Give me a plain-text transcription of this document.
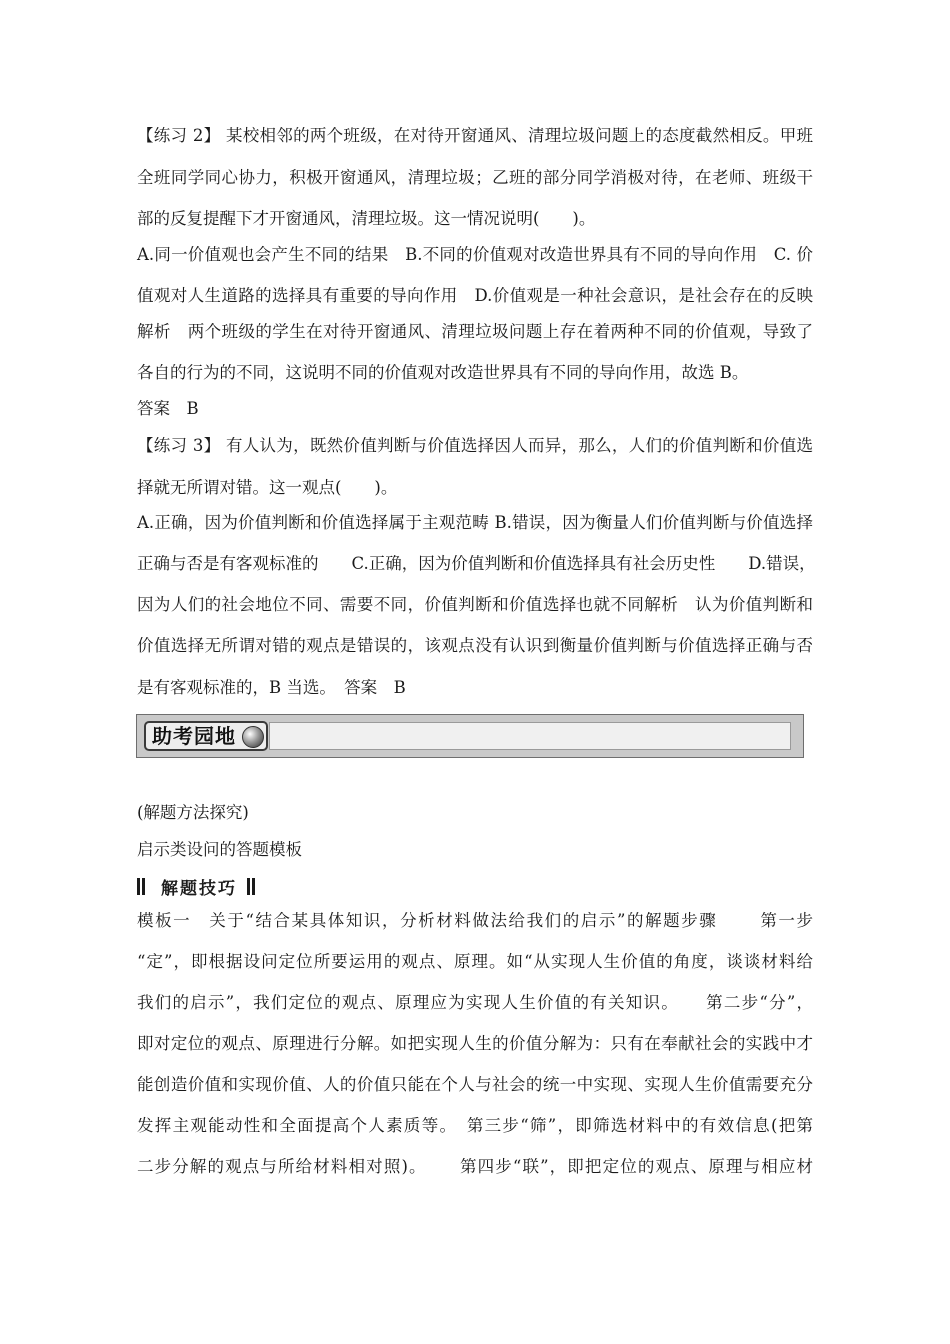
【练习 2】 某校相邻的两个班级，在对待开窗通风、清理垃圾问题上的态度截然相反。甲班
全班同学同心协力，积极开窗通风，清理垃圾；乙班的部分同学消极对待，在老师、班级干
部的反复提醒下才开窗通风，清理垃圾。这一情况说明(　　)。
A.同一价值观也会产生不同的结果　B.不同的价值观对改造世界具有不同的导向作用　C. 价
值观对人生道路的选择具有重要的导向作用　D.价值观是一种社会意识，是社会存在的反映
解析　两个班级的学生在对待开窗通风、清理垃圾问题上存在着两种不同的价值观，导致了
各自的行为的不同，这说明不同的价值观对改造世界具有不同的导向作用，故选 B。
答案　B
【练习 3】 有人认为，既然价值判断与价值选择因人而异，那么，人们的价值判断和价值选
择就无所谓对错。这一观点(　　)。
A.正确，因为价值判断和价值选择属于主观范畴 B.错误，因为衡量人们价值判断与价值选择
正确与否是有客观标准的　　C.正确，因为价值判断和价值选择具有社会历史性　　D.错误，
因为人们的社会地位不同、需要不同，价值判断和价值选择也就不同解析　认为价值判断和
价值选择无所谓对错的观点是错误的，该观点没有认识到衡量价值判断与价值选择正确与否
是有客观标准的，B 当选。　答案　B
助考园地
(解题方法探究)
启示类设问的答题模板
解题技巧
模板一　关于“结合某具体知识，分析材料做法给我们的启示”的解题步骤　　 第一步
“定”，即根据设问定位所要运用的观点、原理。如“从实现人生价值的角度，谈谈材料给
我们的启示”，我们定位的观点、原理应为实现人生价值的有关知识。　　第二步“分”，
即对定位的观点、原理进行分解。如把实现人生的价值分解为：只有在奉献社会的实践中才
能创造价值和实现价值、人的价值只能在个人与社会的统一中实现、实现人生价值需要充分
发挥主观能动性和全面提高个人素质等。　第三步“筛”，即筛选材料中的有效信息(把第
二步分解的观点与所给材料相对照)。　　 第四步“联”，即把定位的观点、原理与相应材
